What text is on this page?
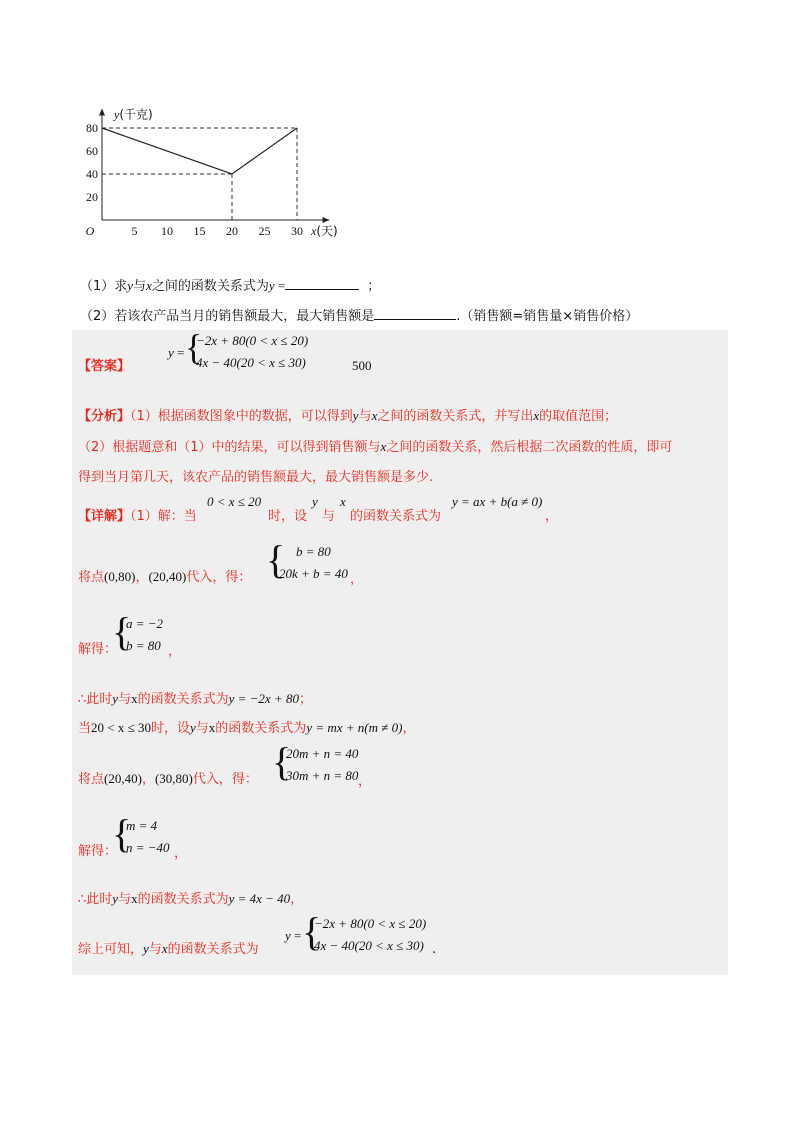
5 10 15 20 25 30
20
40
60
80
O
y(千克)
x(天)
（1）求y与x之间的函数关系式为y =	；
（2）若该农产品当月的销售额最大，最大销售额是	.（销售额=销售量×销售价格）
【答案】
y = {
−2x + 80(0 < x ≤ 20)
4x − 40(20 < x ≤ 30)	500
【分析】（1）根据函数图象中的数据，可以得到y与x之间的函数关系式，并写出x的取值范围；
（2）根据题意和（1）中的结果，可以得到销售额与x之间的函数关系，然后根据二次函数的性质，即可
得到当月第几天，该农产品的销售额最大，最大销售额是多少.
【详解】（1）解：当
0 < x ≤ 20
时，设
y
与
x
的函数关系式为
y = ax + b(a ≠ 0)
，
将点(0,80)，(20,40)代入，得： { b = 80
20k + b = 40 ，
解得：
{
a = −2
b = 80 ，
∴此时y与x的函数关系式为y = −2x + 80；
当20 < x ≤ 30时，设y与x的函数关系式为y = mx + n(m ≠ 0)，
将点(20,40)，(30,80)代入，得： {
20m + n = 40
30m + n = 80 ，
解得：
{
m = 4
n = −40 ，
∴此时y与x的函数关系式为y = 4x − 40，
综上可知，y与x的函数关系式为
y = {
−2x + 80(0 < x ≤ 20)
4x − 40(20 < x ≤ 30) .
